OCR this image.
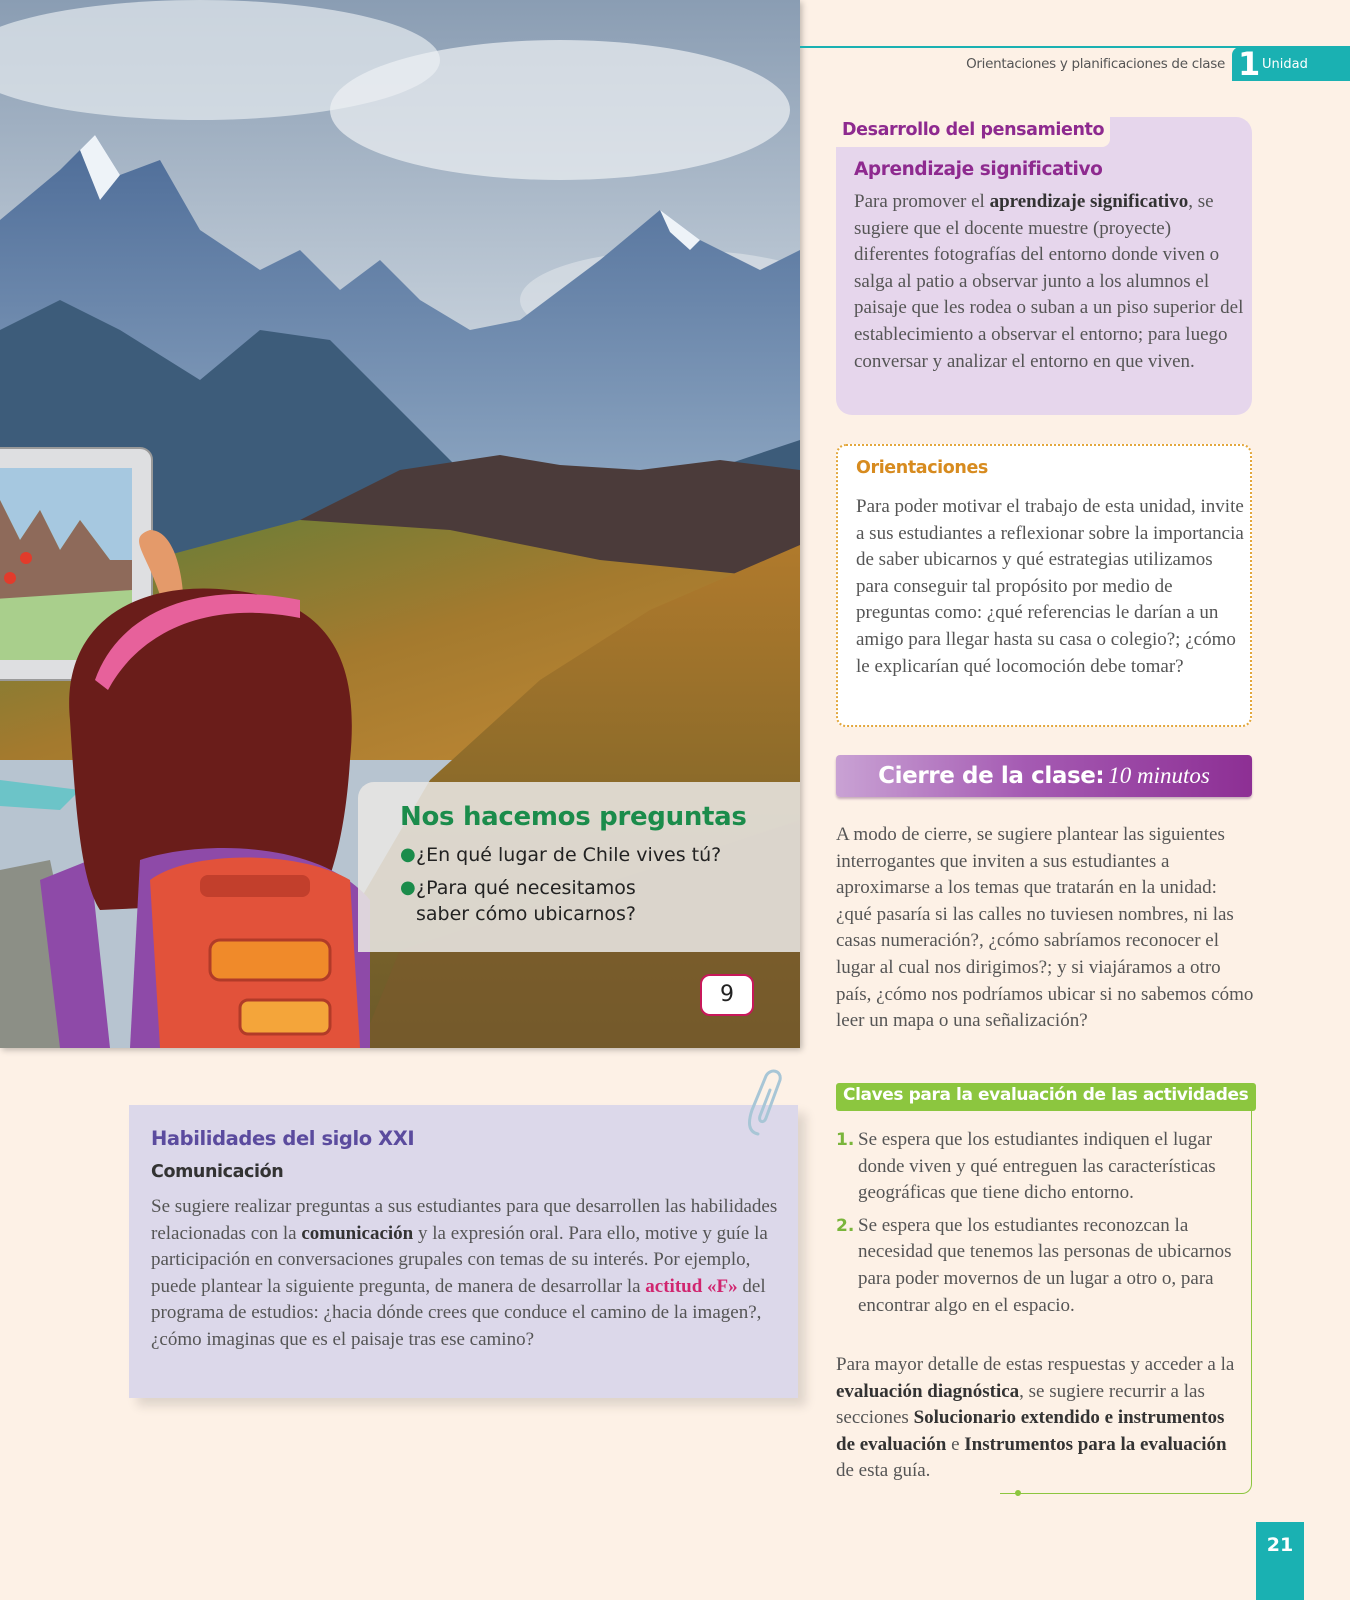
Nos hacemos preguntas
● ¿En qué lugar de Chile vives tú?
● ¿Para qué necesitamos saber cómo ubicarnos?
9
Orientaciones y planificaciones de clase 1 Unidad
Desarrollo del pensamiento
Aprendizaje significativo

Para promover el aprendizaje significativo, se sugiere que el docente muestre (proyecte) diferentes fotografías del entorno donde viven o salga al patio a observar junto a los alumnos el paisaje que les rodea o suban a un piso superior del establecimiento a observar el entorno; para luego conversar y analizar el entorno en que viven.

Orientaciones

Para poder motivar el trabajo de esta unidad, invite a sus estudiantes a reflexionar sobre la importancia de saber ubicarnos y qué estrategias utilizamos para conseguir tal propósito por medio de preguntas como: ¿qué referencias le darían a un amigo para llegar hasta su casa o colegio?; ¿cómo le explicarían qué locomoción debe tomar?

Cierre de la clase: 10 minutos

A modo de cierre, se sugiere plantear las siguientes interrogantes que inviten a sus estudiantes a aproximarse a los temas que tratarán en la unidad: ¿qué pasaría si las calles no tuviesen nombres, ni las casas numeración?, ¿cómo sabríamos reconocer el lugar al cual nos dirigimos?; y si viajáramos a otro país, ¿cómo nos podríamos ubicar si no sabemos cómo leer un mapa o una señalización?

Claves para la evaluación de las actividades
1. Se espera que los estudiantes indiquen el lugar donde viven y qué entreguen las características geográficas que tiene dicho entorno.
2. Se espera que los estudiantes reconozcan la necesidad que tenemos las personas de ubicarnos para poder movernos de un lugar a otro o, para encontrar algo en el espacio.

Para mayor detalle de estas respuestas y acceder a la evaluación diagnóstica, se sugiere recurrir a las secciones Solucionario extendido e instrumentos de evaluación e Instrumentos para la evaluación de esta guía.

Habilidades del siglo XXI
Comunicación

Se sugiere realizar preguntas a sus estudiantes para que desarrollen las habilidades relacionadas con la comunicación y la expresión oral. Para ello, motive y guíe la participación en conversaciones grupales con temas de su interés. Por ejemplo, puede plantear la siguiente pregunta, de manera de desarrollar la actitud «F» del programa de estudios: ¿hacia dónde crees que conduce el camino de la imagen?, ¿cómo imaginas que es el paisaje tras ese camino?

21
